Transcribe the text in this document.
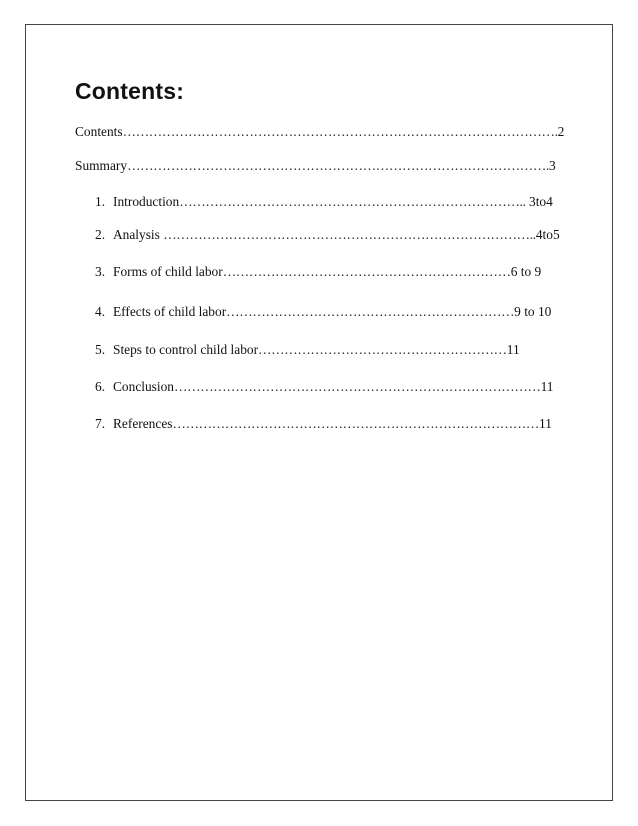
Contents:
Contents……………………………………………………………………………………….2
Summary…………………………………………………………………………………….3
1. Introduction…………………………………………………………………….. 3to4
2. Analysis …………………………………………………………………………..4to5
3. Forms of child labor…………………………………………………………6 to 9
4. Effects of child labor…………………………………………………………9 to 10
5. Steps to control child labor…………………………………………………11
6. Conclusion…………………………………………………………………………11
7. References…………………………………………………………………………11
